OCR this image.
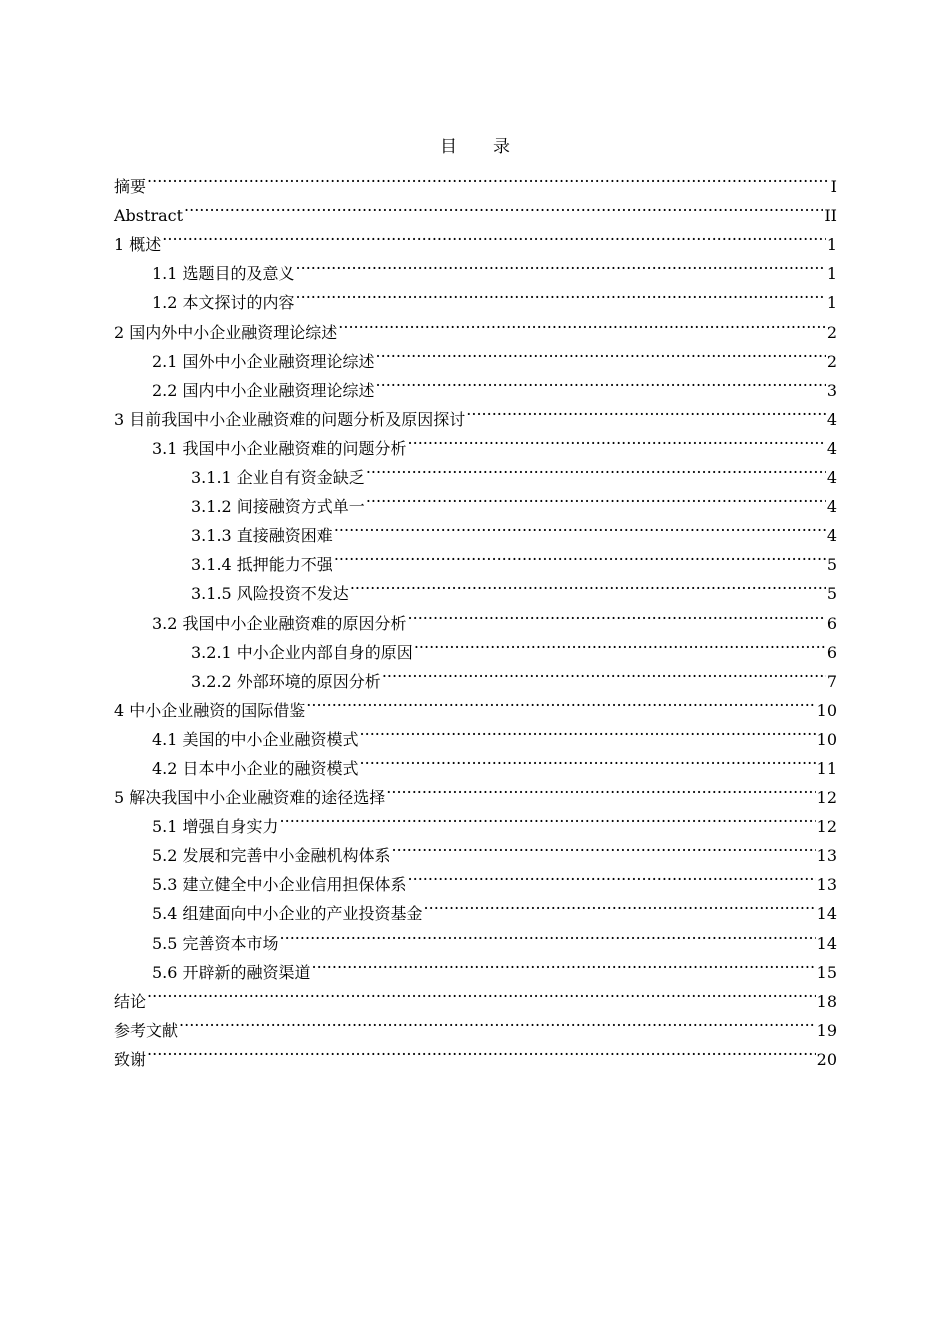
目录
摘要 .....	I
Abstract .....	II
1 概述 .....	1
1.1 选题目的及意义 .....	1
1.2 本文探讨的内容 .....	1
2 国内外中小企业融资理论综述 .....	2
2.1 国外中小企业融资理论综述 .....	2
2.2 国内中小企业融资理论综述 .....	3
3 目前我国中小企业融资难的问题分析及原因探讨 .....	4
3.1 我国中小企业融资难的问题分析 .....	4
3.1.1 企业自有资金缺乏 .....	4
3.1.2 间接融资方式单一 .....	4
3.1.3 直接融资困难 .....	4
3.1.4 抵押能力不强 .....	5
3.1.5 风险投资不发达 .....	5
3.2 我国中小企业融资难的原因分析 .....	6
3.2.1 中小企业内部自身的原因 .....	6
3.2.2 外部环境的原因分析 .....	7
4 中小企业融资的国际借鉴 .....	10
4.1 美国的中小企业融资模式 .....	10
4.2 日本中小企业的融资模式 .....	11
5 解决我国中小企业融资难的途径选择 .....	12
5.1 增强自身实力 .....	12
5.2 发展和完善中小金融机构体系 .....	13
5.3 建立健全中小企业信用担保体系 .....	13
5.4 组建面向中小企业的产业投资基金 .....	14
5.5 完善资本市场 .....	14
5.6 开辟新的融资渠道 .....	15
结论 .....	18
参考文献 .....	19
致谢 .....	20
